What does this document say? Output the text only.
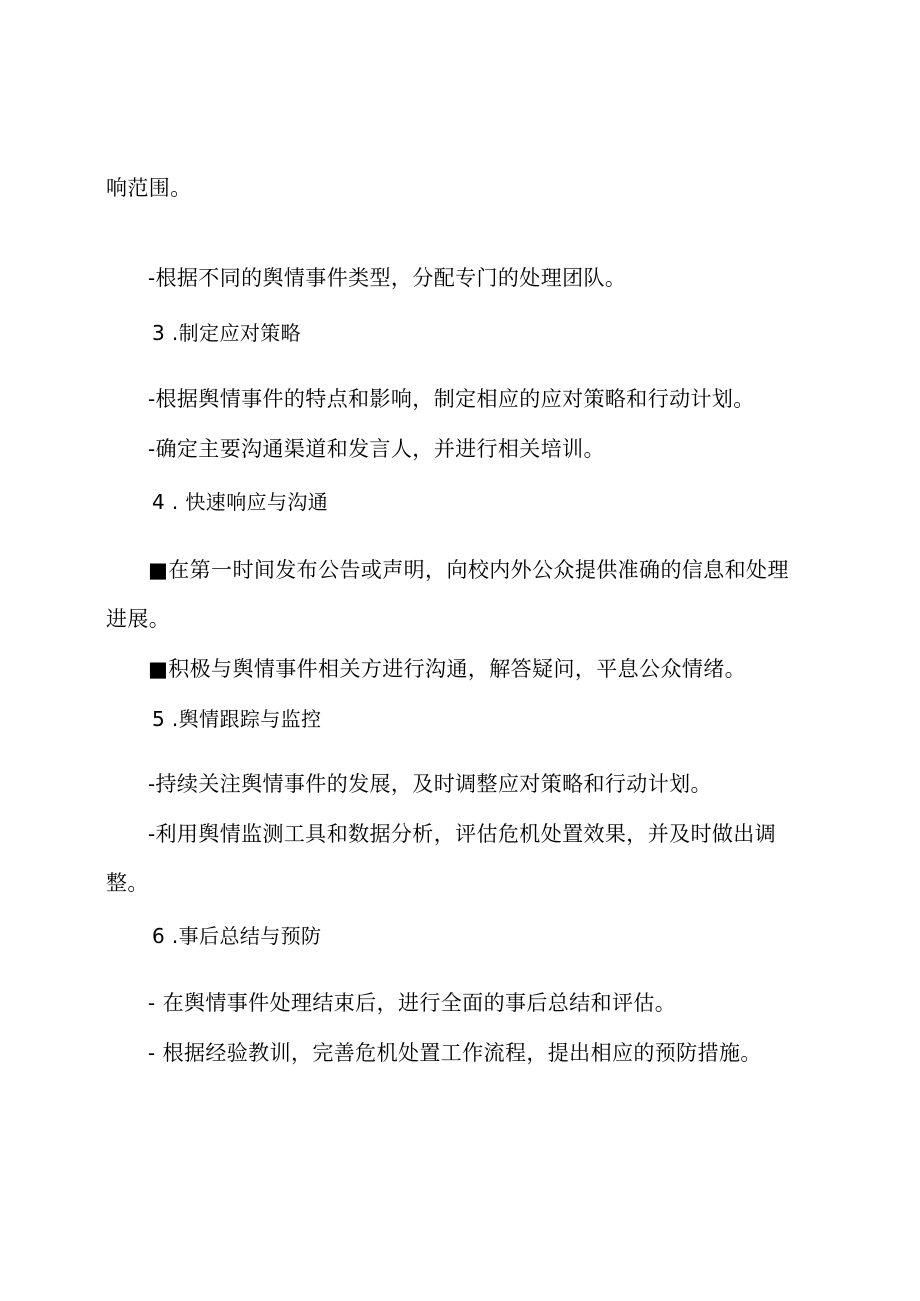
响范围。
-根据不同的舆情事件类型，分配专门的处理团队。
3 .制定应对策略
-根据舆情事件的特点和影响，制定相应的应对策略和行动计划。
-确定主要沟通渠道和发言人，并进行相关培训。
4 . 快速响应与沟通
■在第一时间发布公告或声明，向校内外公众提供准确的信息和处理
进展。
■积极与舆情事件相关方进行沟通，解答疑问，平息公众情绪。
5 .舆情跟踪与监控
-持续关注舆情事件的发展，及时调整应对策略和行动计划。
-利用舆情监测工具和数据分析，评估危机处置效果，并及时做出调
整。
6 .事后总结与预防
- 在舆情事件处理结束后，进行全面的事后总结和评估。
- 根据经验教训，完善危机处置工作流程，提出相应的预防措施。
